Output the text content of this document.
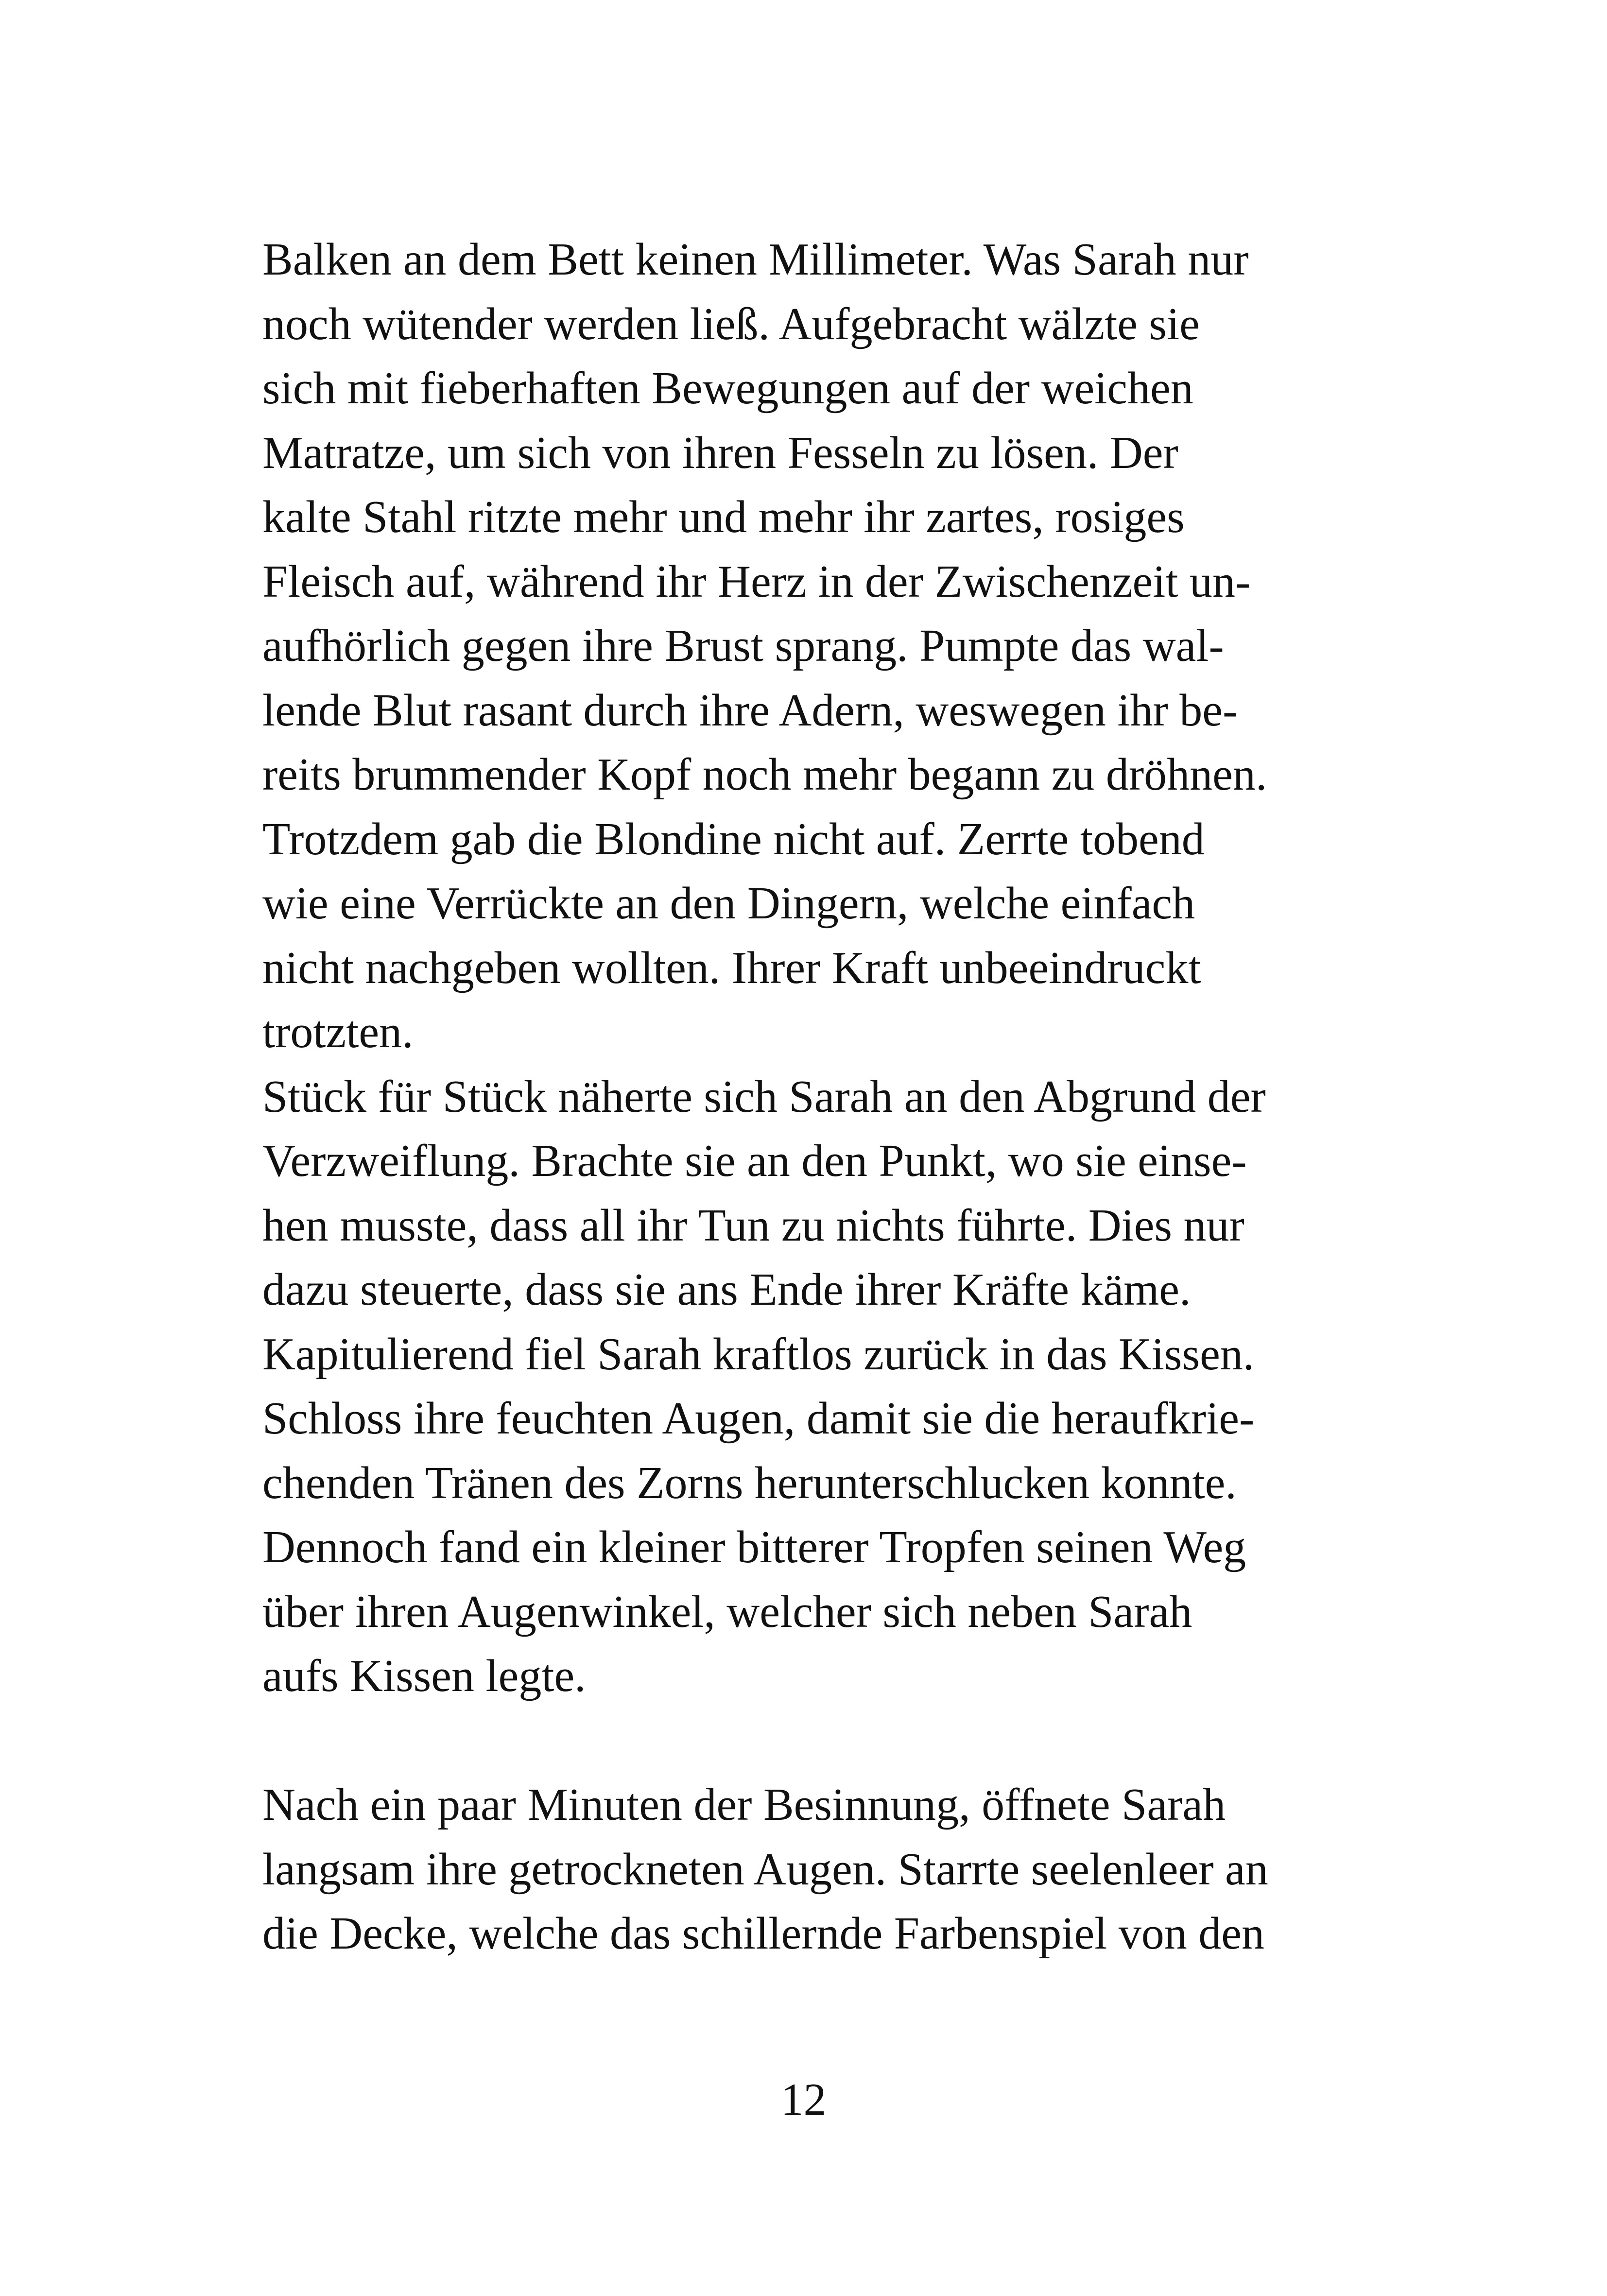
Balken an dem Bett keinen Millimeter. Was Sarah nur

noch wütender werden ließ. Aufgebracht wälzte sie

sich mit fieberhaften Bewegungen auf der weichen

Matratze, um sich von ihren Fesseln zu lösen. Der

kalte Stahl ritzte mehr und mehr ihr zartes, rosiges

Fleisch auf, während ihr Herz in der Zwischenzeit un-

aufhörlich gegen ihre Brust sprang. Pumpte das wal-

lende Blut rasant durch ihre Adern, weswegen ihr be-

reits brummender Kopf noch mehr begann zu dröhnen.

Trotzdem gab die Blondine nicht auf. Zerrte tobend

wie eine Verrückte an den Dingern, welche einfach

nicht nachgeben wollten. Ihrer Kraft unbeeindruckt

trotzten.

Stück für Stück näherte sich Sarah an den Abgrund der

Verzweiflung. Brachte sie an den Punkt, wo sie einse-

hen musste, dass all ihr Tun zu nichts führte. Dies nur

dazu steuerte, dass sie ans Ende ihrer Kräfte käme.

Kapitulierend fiel Sarah kraftlos zurück in das Kissen.

Schloss ihre feuchten Augen, damit sie die heraufkrie-

chenden Tränen des Zorns herunterschlucken konnte.

Dennoch fand ein kleiner bitterer Tropfen seinen Weg

über ihren Augenwinkel, welcher sich neben Sarah

aufs Kissen legte.

Nach ein paar Minuten der Besinnung, öffnete Sarah

langsam ihre getrockneten Augen. Starrte seelenleer an

die Decke, welche das schillernde Farbenspiel von den

12
